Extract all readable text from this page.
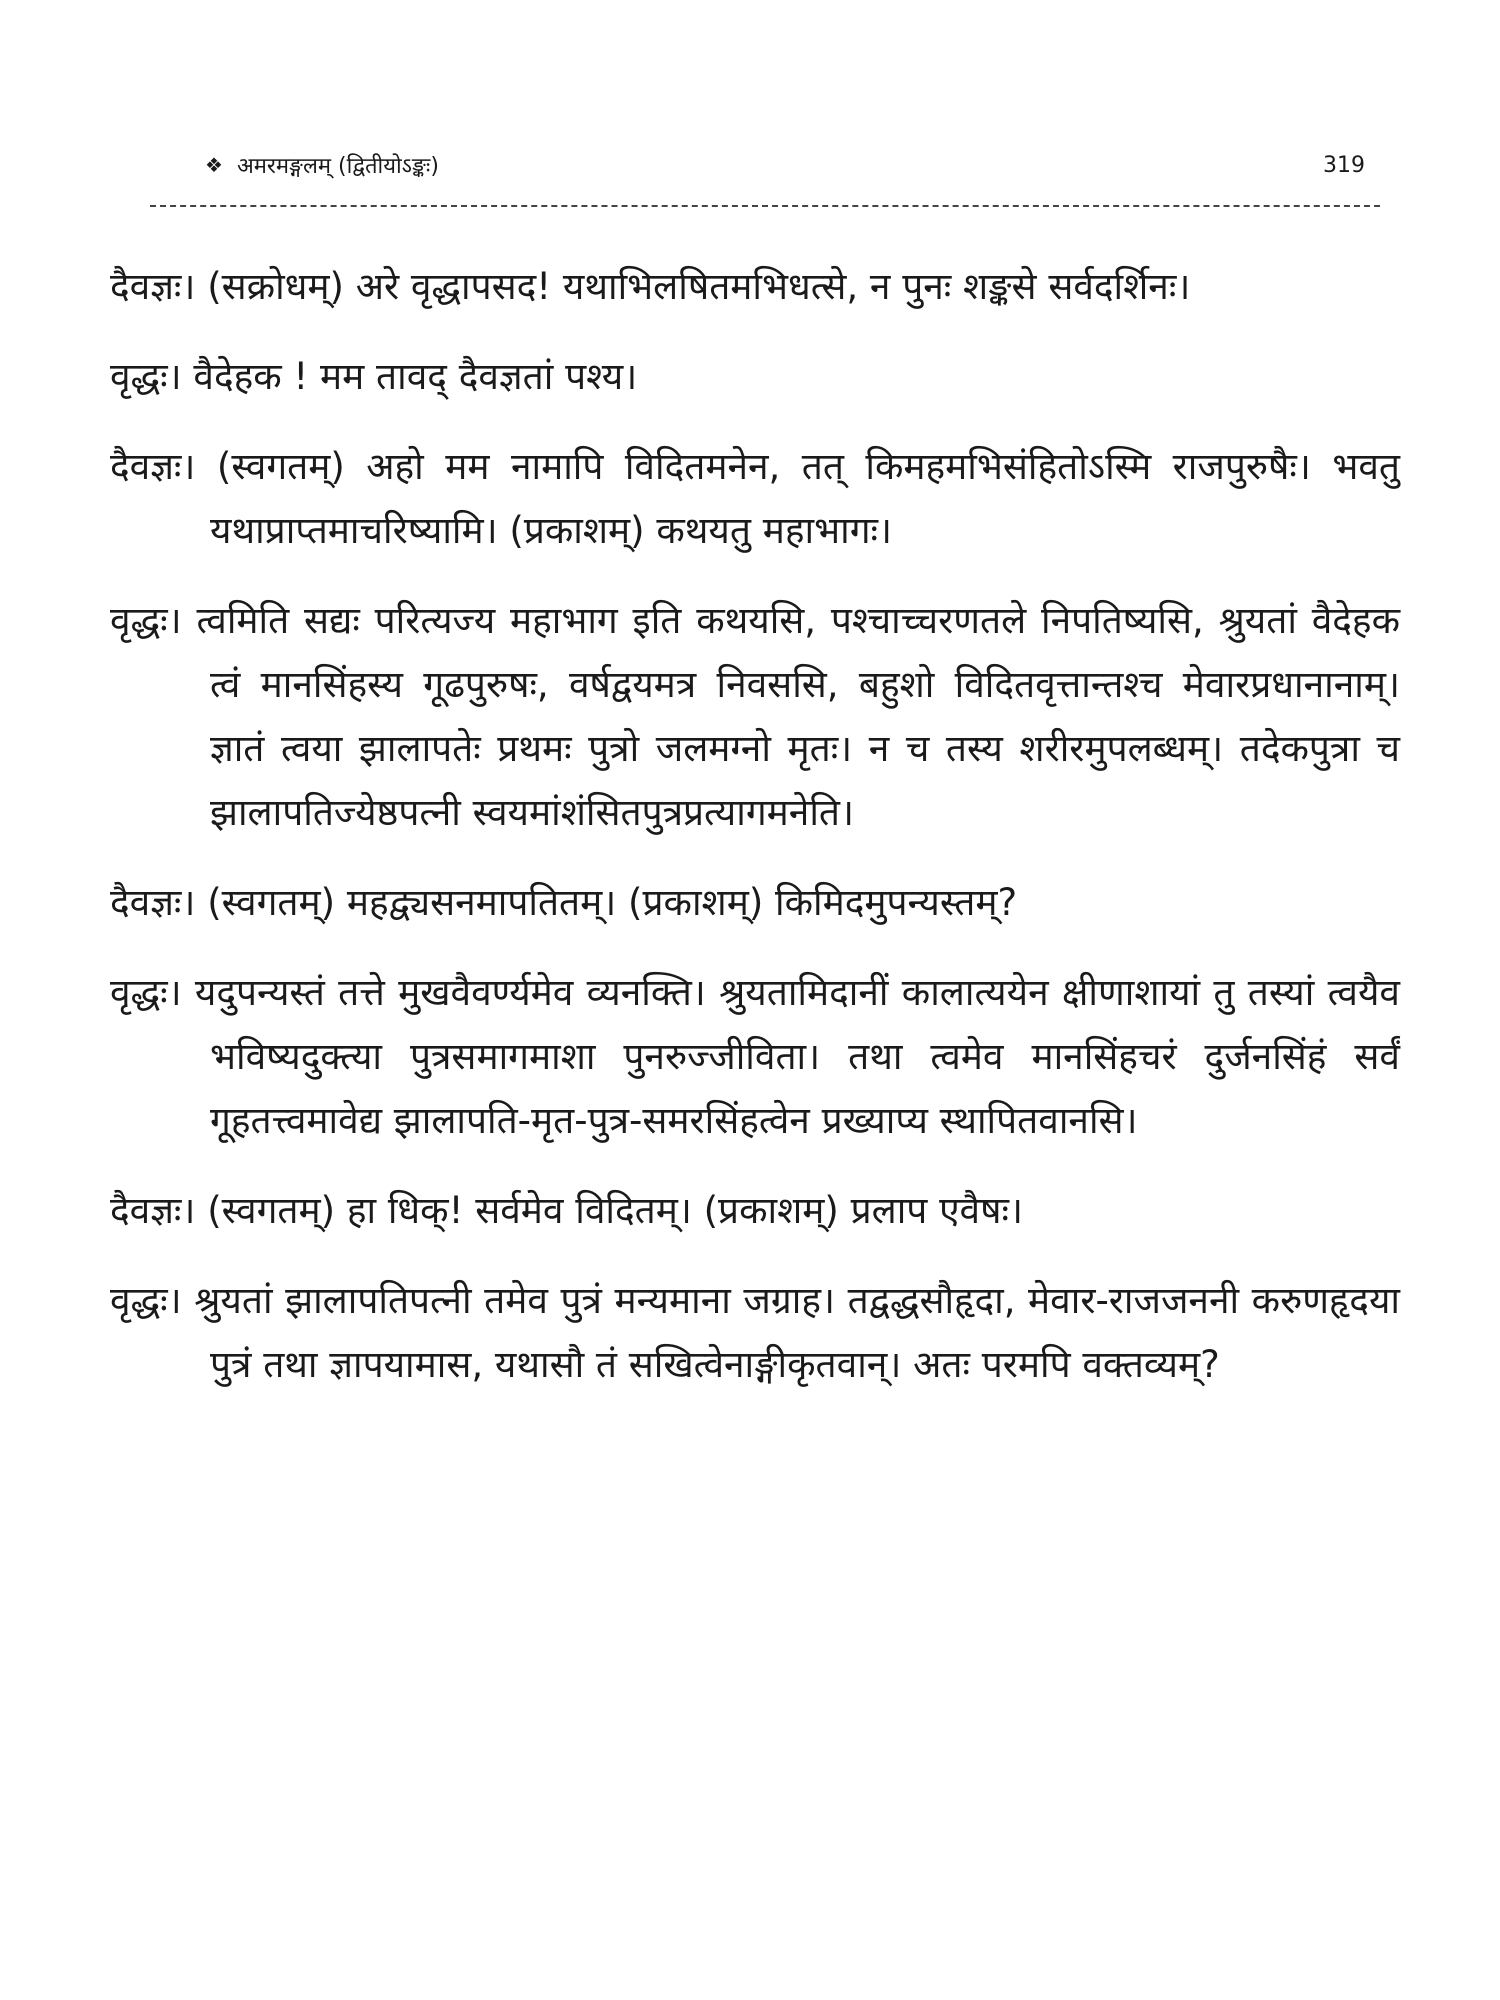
❖ अमरमङ्गलम् (द्वितीयोऽङ्कः)	319

दैवज्ञः। (सक्रोधम्) अरे वृद्धापसद! यथाभिलषितमभिधत्से, न पुनः शङ्कसे सर्वदर्शिनः।

वृद्धः। वैदेहक ! मम तावद् दैवज्ञतां पश्य।

दैवज्ञः। (स्वगतम्) अहो मम नामापि विदितमनेन, तत् किमहमभिसंहितोऽस्मि राजपुरुषैः। भवतु यथाप्राप्तमाचरिष्यामि। (प्रकाशम्) कथयतु महाभागः।

वृद्धः। त्वमिति सद्यः परित्यज्य महाभाग इति कथयसि, पश्चाच्चरणतले निपतिष्यसि, श्रुयतां वैदेहक त्वं मानसिंहस्य गूढपुरुषः, वर्षद्वयमत्र निवससि, बहुशो विदितवृत्तान्तश्च मेवारप्रधानानाम्। ज्ञातं त्वया झालापतेः प्रथमः पुत्रो जलमग्नो मृतः। न च तस्य शरीरमुपलब्धम्। तदेकपुत्रा च झालापतिज्येष्ठपत्नी स्वयमांशंसितपुत्रप्रत्यागमनेति।

दैवज्ञः। (स्वगतम्) महद्व्यसनमापतितम्। (प्रकाशम्) किमिदमुपन्यस्तम्?

वृद्धः। यदुपन्यस्तं तत्ते मुखवैवर्ण्यमेव व्यनक्ति। श्रुयतामिदानीं कालात्ययेन क्षीणाशायां तु तस्यां त्वयैव भविष्यदुक्त्या पुत्रसमागमाशा पुनरुज्जीविता। तथा त्वमेव मानसिंहचरं दुर्जनसिंहं सर्वं गूहतत्त्वमावेद्य झालापति-मृत-पुत्र-समरसिंहत्वेन प्रख्याप्य स्थापितवानसि।

दैवज्ञः। (स्वगतम्) हा धिक्! सर्वमेव विदितम्। (प्रकाशम्) प्रलाप एवैषः।

वृद्धः। श्रुयतां झालापतिपत्नी तमेव पुत्रं मन्यमाना जग्राह। तद्वद्धसौहृदा, मेवार-राजजननी करुणहृदया पुत्रं तथा ज्ञापयामास, यथासौ तं सखित्वेनाङ्गीकृतवान्। अतः परमपि वक्तव्यम्?
